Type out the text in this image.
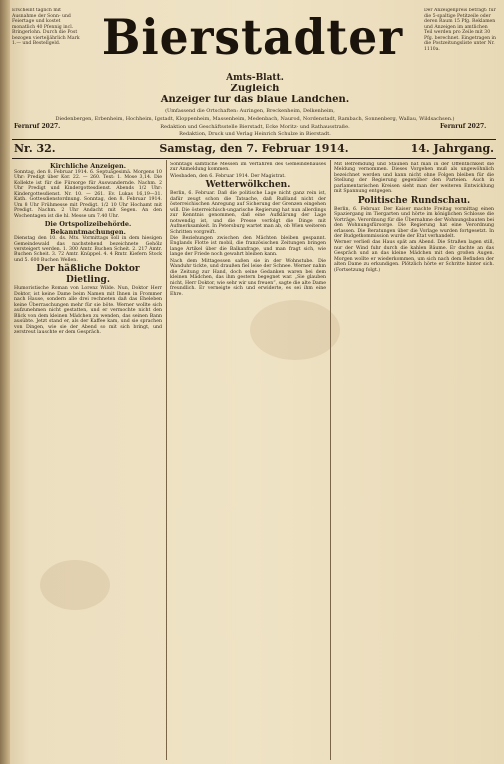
Erscheint täglich mit Ausnahme der Sonn- und Feiertage und kostet monatlich 40 Pfennig incl. Bringerlohn. Durch die Post bezogen vierteljährlich Mark 1.— und Bestellgeld. Bierstadter	Der Anzeigenpreis beträgt: für die 5-spaltige Petitzeile oder deren Raum 15 Pfg. Reklamen und Anzeigen im amtlichen Teil werden pro Zeile mit 30 Pfg. berechnet. Eingetragen in die Postzeitungsliste unter Nr. 1110a.
Amts-Blatt.
Zugleich
Anzeiger für das blaue Ländchen.
(Umfassend die Ortschaften: Auringen, Breckenheim, Delkenheim,
Diedenbergen, Erbenheim, Hochheim, Igstadt, Kloppenheim, Massenheim, Medenbach, Naurod, Nordenstadt, Rambach, Sonnenberg, Wallau, Wildsachsen.)
Redaktion und Geschäftsstelle Bierstadt, Ecke Moritz- und Rathausstraße.
Redaktion, Druck und Verlag Heinrich Schulze in Bierstadt.
Fernruf 2027.	Fernruf 2027.
Nr. 32.	Samstag, den 7. Februar 1914.	14. Jahrgang.
Kirchliche Anzeigen.

Sonntag, den 8. Februar 1914. 6. Septuagesimä. Morgens 10 Uhr: Predigt über Kor. 22. — 260. Text: 1. Mose 3,14. Die Kollekte ist für die Fürsorge für Auswandernde. Nachm. 2 Uhr Predigt und Kindergottesdienst. Abends 1/2 Uhr: Kindergottesdienst. Nr. 10. — 261. Ev. Lukas 16,19—31. Kath. Gottesdienstordnung. Sonntag, den 8. Februar 1914. Um 8 Uhr Frühmesse mit Predigt. 1/2 10 Uhr Hochamt mit Predigt. Nachm. 2 Uhr Andacht mit Segen. An den Wochentagen ist die hl. Messe um 7.40 Uhr.

Die Ortspolizeibehörde.
Bekanntmachungen.

Dienstag den 10. ds. Mts. Vormittags soll in dem hiesigen Gemeindewald das nachstehend bezeichnete Gehölz versteigert werden. 1. 300 Amtr. Buchen Scheit. 2. 217 Amtr. Buchen Scheit. 3. 72 Amtr. Knüppel. 4. 4 Rmtr. Kiefern Stock und 5. 600 Buchen Wellen.

Der häßliche Doktor Dietling.

Humoristische Roman von Lorenz Wilde. Nun, Doktor Herr Doktor, ist keine Dame beim Namen mit Ihnen in Frommer nach Hause, sondern alle drei rechneten daß das Eheleben keine Überraschungen mehr für sie böte. Werner wollte sich aufzunehmen nicht gestatten, und er vermochte nicht den Blick von dem kleinen Mädchen zu wenden, das seinen Bann ausübte. Jetzt stand er, als der Kaffee kam, und sie sprachen von Dingen, wie sie der Abend so mit sich bringt, und zerstreut lauschte er dem Gespräch.

Sonntags sämtliche Messen im Verfahren des Gemeindehauses zur Anmeldung kommen.

Wiesbaden, den 6. Februar 1914. Der Magistrat.

Wetterwölkchen.

Berlin, 6. Februar. Daß die politische Lage nicht ganz rein ist, dafür zeugt schon die Tatsache, daß Rußland nicht der österreichischen Anregung auf Sicherung der Grenzen eingehen will. Die österreichisch-ungarische Regierung hat nun allerdings zur Kenntnis genommen, daß eine Aufklärung der Lage notwendig ist, und die Presse verfolgt die Dinge mit Aufmerksamkeit. In Petersburg wartet man ab, ob Wien weiteren Schritten vorgreift.

Die Beziehungen zwischen den Mächten bleiben gespannt. Englands Flotte ist mobil, die französischen Zeitungen bringen lange Artikel über die Balkanfrage, und man fragt sich, wie lange der Friede noch gewahrt bleiben kann.

Nach dem Mittagessen saßen sie in der Wohnstube. Die Wanduhr tickte, und draußen fiel leise der Schnee. Werner nahm die Zeitung zur Hand, doch seine Gedanken waren bei dem kleinen Mädchen, das ihm gestern begegnet war. „Sie glauben nicht, Herr Doktor, wie sehr wir uns freuen“, sagte die alte Dame freundlich. Er verneigte sich und erwiderte, es sei ihm eine Ehre.

Mit Befremdung und Staunen hat man in der Öffentlichkeit die Meldung vernommen. Dieses Vorgehen muß als ungewöhnlich bezeichnet werden und kann nicht ohne Folgen bleiben für die Stellung der Regierung gegenüber den Parteien. Auch in parlamentarischen Kreisen sieht man der weiteren Entwicklung mit Spannung entgegen.

Politische Rundschau.

Berlin, 6. Februar. Der Kaiser machte Freitag vormittag einen Spaziergang im Tiergarten und hörte im königlichen Schlosse die Vorträge. Verordnung für die Übernahme der Wohnungsbauten bei den Wohnungsfürsorge. Die Regierung hat eine Verordnung erlassen. Die Beratungen über die Vorlage wurden fortgesetzt. In der Budgetkommission wurde der Etat verhandelt.

Werner verließ das Haus spät am Abend. Die Straßen lagen still, nur der Wind fuhr durch die kahlen Bäume. Er dachte an das Gespräch und an das kleine Mädchen mit den großen Augen. Morgen wollte er wiederkommen, um sich nach dem Befinden der alten Dame zu erkundigen. Plötzlich hörte er Schritte hinter sich. (Fortsetzung folgt.)
